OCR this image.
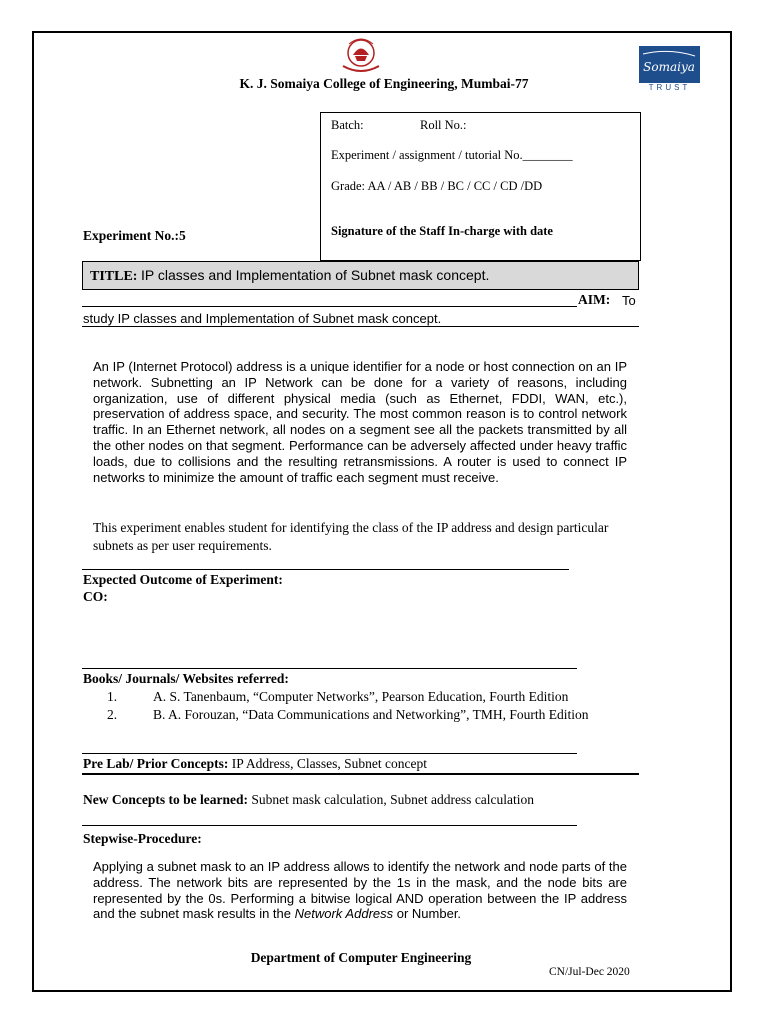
K. J. Somaiya College of Engineering, Mumbai-77
Somaiya
TRUST
Batch:	Roll No.:
Experiment / assignment / tutorial No.________
Grade: AA / AB / BB / BC / CC / CD /DD
Signature of the Staff In-charge with date
Experiment No.:5
TITLE: IP classes and Implementation of Subnet mask concept.
AIM: To
study IP classes and Implementation of Subnet mask concept.
An IP (Internet Protocol) address is a unique identifier for a node or host connection on an IP network. Subnetting an IP Network can be done for a variety of reasons, including organization, use of different physical media (such as Ethernet, FDDI, WAN, etc.), preservation of address space, and security. The most common reason is to control network traffic. In an Ethernet network, all nodes on a segment see all the packets transmitted by all the other nodes on that segment. Performance can be adversely affected under heavy traffic loads, due to collisions and the resulting retransmissions. A router is used to connect IP networks to minimize the amount of traffic each segment must receive.
This experiment enables student for identifying the class of the IP address and design particular subnets as per user requirements.
Expected Outcome of Experiment:
CO:
Books/ Journals/ Websites referred:
1.	A. S. Tanenbaum, “Computer Networks”, Pearson Education, Fourth Edition
2.	B. A. Forouzan, “Data Communications and Networking”, TMH, Fourth Edition
Pre Lab/ Prior Concepts: IP Address, Classes, Subnet concept
New Concepts to be learned: Subnet mask calculation, Subnet address calculation
Stepwise-Procedure:
Applying a subnet mask to an IP address allows to identify the network and node parts of the address. The network bits are represented by the 1s in the mask, and the node bits are represented by the 0s. Performing a bitwise logical AND operation between the IP address and the subnet mask results in the Network Address or Number.
Department of Computer Engineering
CN/Jul-Dec 2020
